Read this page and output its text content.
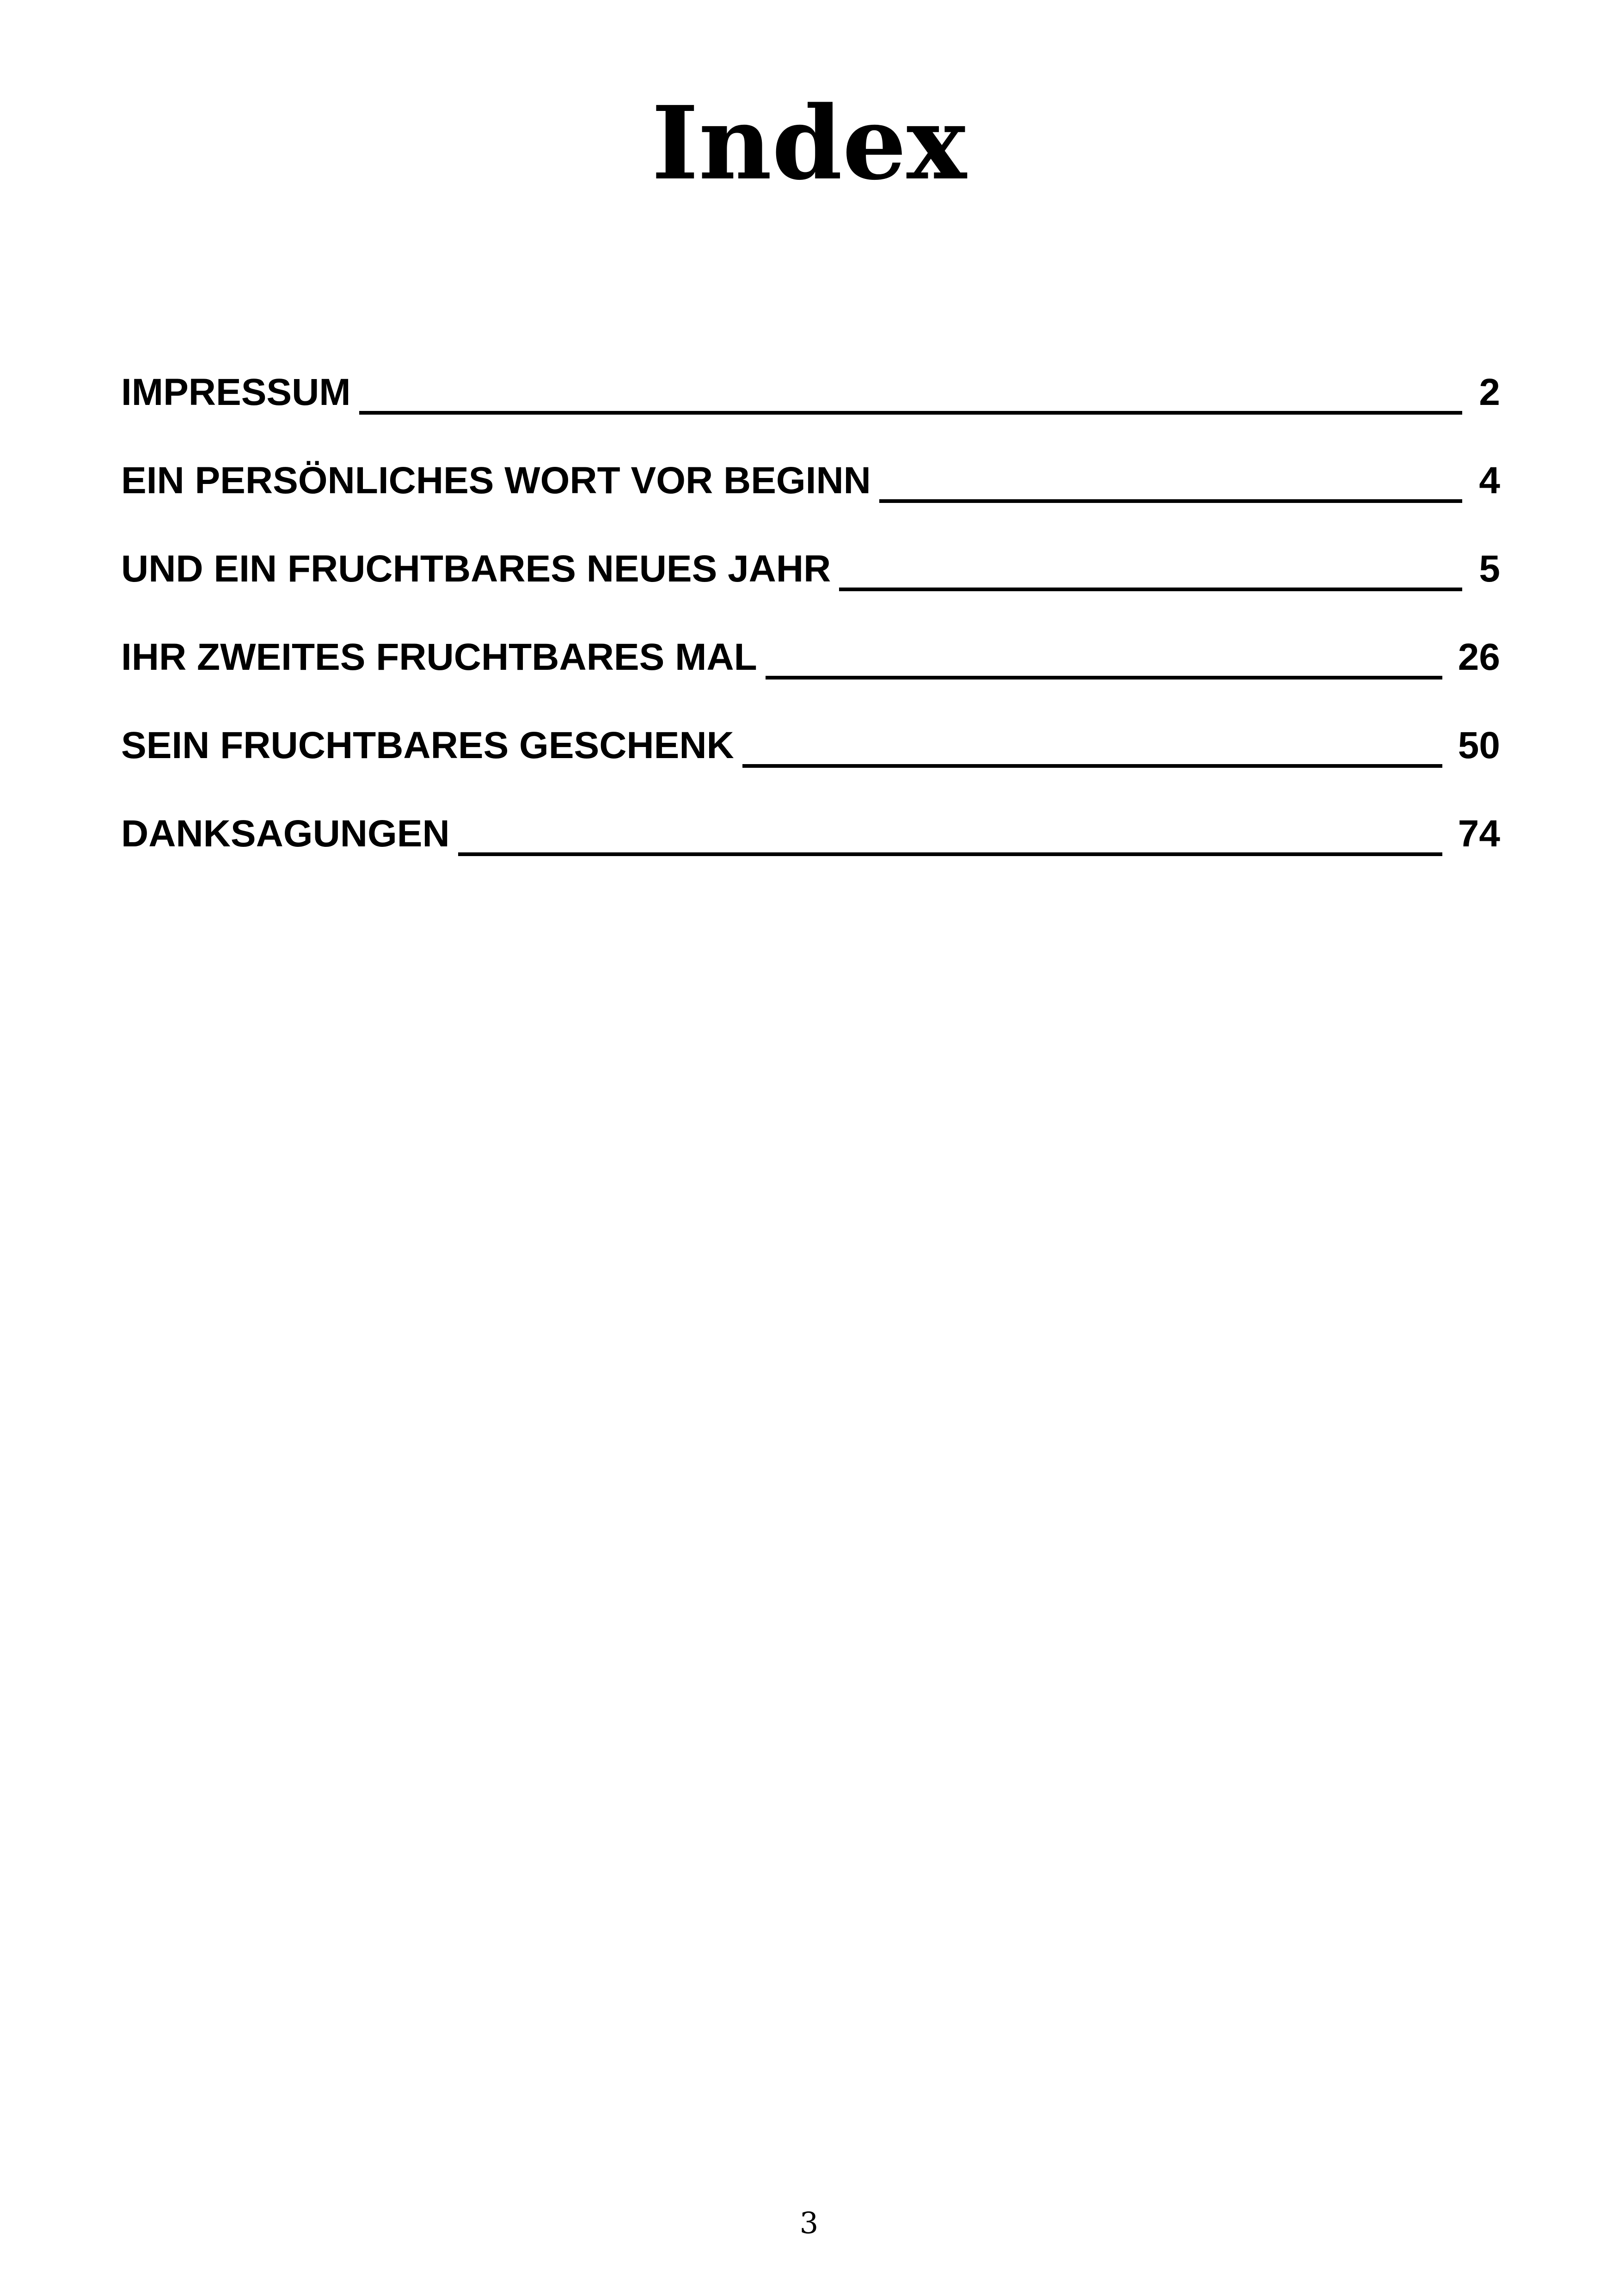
Index
IMPRESSUM	2
EIN PERSÖNLICHES WORT VOR BEGINN	4
UND EIN FRUCHTBARES NEUES JAHR	5
IHR ZWEITES FRUCHTBARES MAL	26
SEIN FRUCHTBARES GESCHENK	50
DANKSAGUNGEN	74
3
